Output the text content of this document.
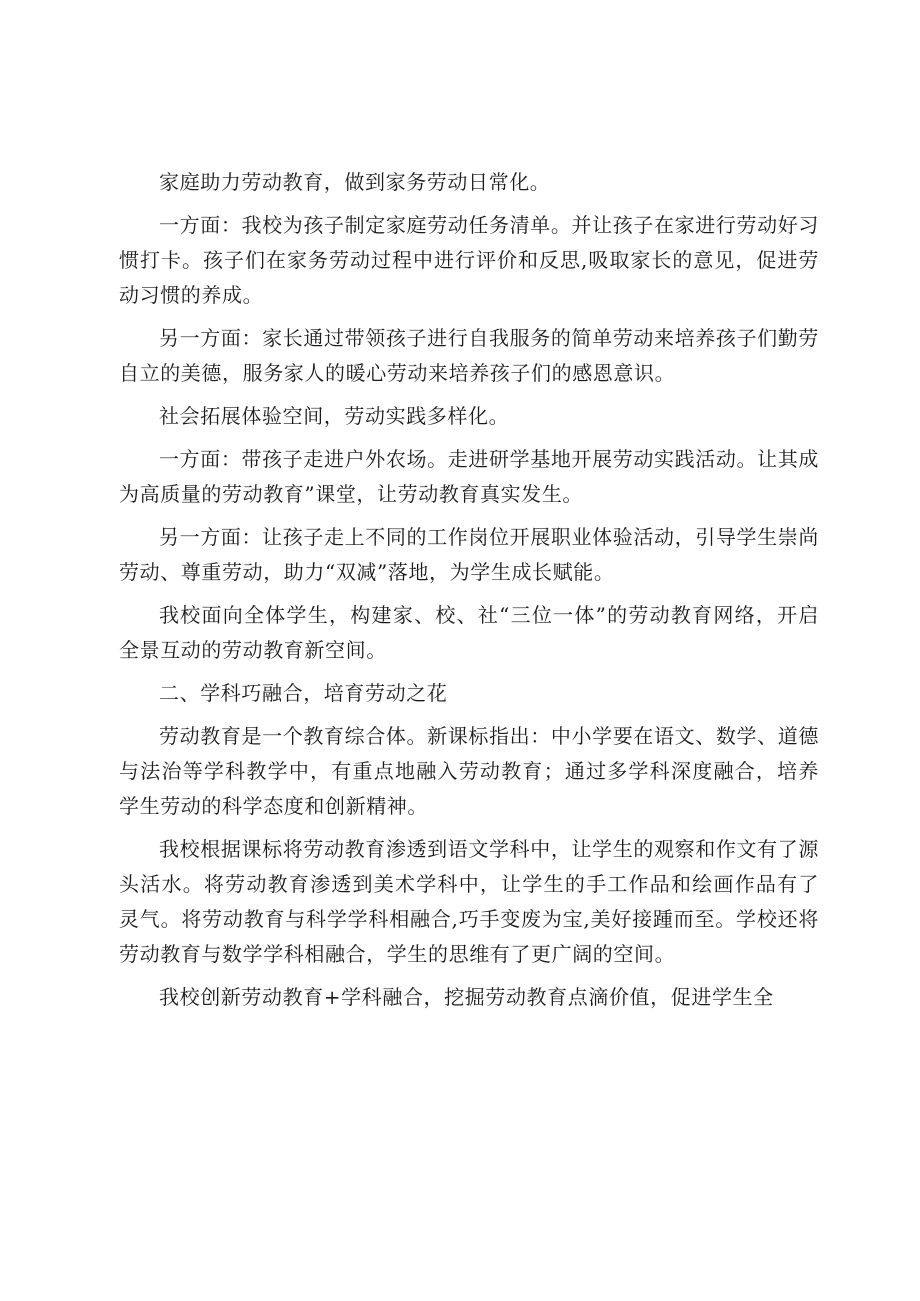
家庭助力劳动教育，做到家务劳动日常化。

一方面：我校为孩子制定家庭劳动任务清单。并让孩子在家进行劳动好习惯打卡。孩子们在家务劳动过程中进行评价和反思,吸取家长的意见，促进劳动习惯的养成。

另一方面：家长通过带领孩子进行自我服务的简单劳动来培养孩子们勤劳自立的美德，服务家人的暖心劳动来培养孩子们的感恩意识。

社会拓展体验空间，劳动实践多样化。

一方面：带孩子走进户外农场。走进研学基地开展劳动实践活动。让其成为高质量的劳动教育”课堂，让劳动教育真实发生。

另一方面：让孩子走上不同的工作岗位开展职业体验活动，引导学生崇尚劳动、尊重劳动，助力“双减”落地，为学生成长赋能。

我校面向全体学生，构建家、校、社“三位一体”的劳动教育网络，开启全景互动的劳动教育新空间。

二、学科巧融合，培育劳动之花

劳动教育是一个教育综合体。新课标指出：中小学要在语文、数学、道德与法治等学科教学中，有重点地融入劳动教育；通过多学科深度融合，培养学生劳动的科学态度和创新精神。

我校根据课标将劳动教育渗透到语文学科中，让学生的观察和作文有了源头活水。将劳动教育渗透到美术学科中，让学生的手工作品和绘画作品有了灵气。将劳动教育与科学学科相融合,巧手变废为宝,美好接踵而至。学校还将劳动教育与数学学科相融合，学生的思维有了更广阔的空间。

我校创新劳动教育+学科融合，挖掘劳动教育点滴价值，促进学生全
